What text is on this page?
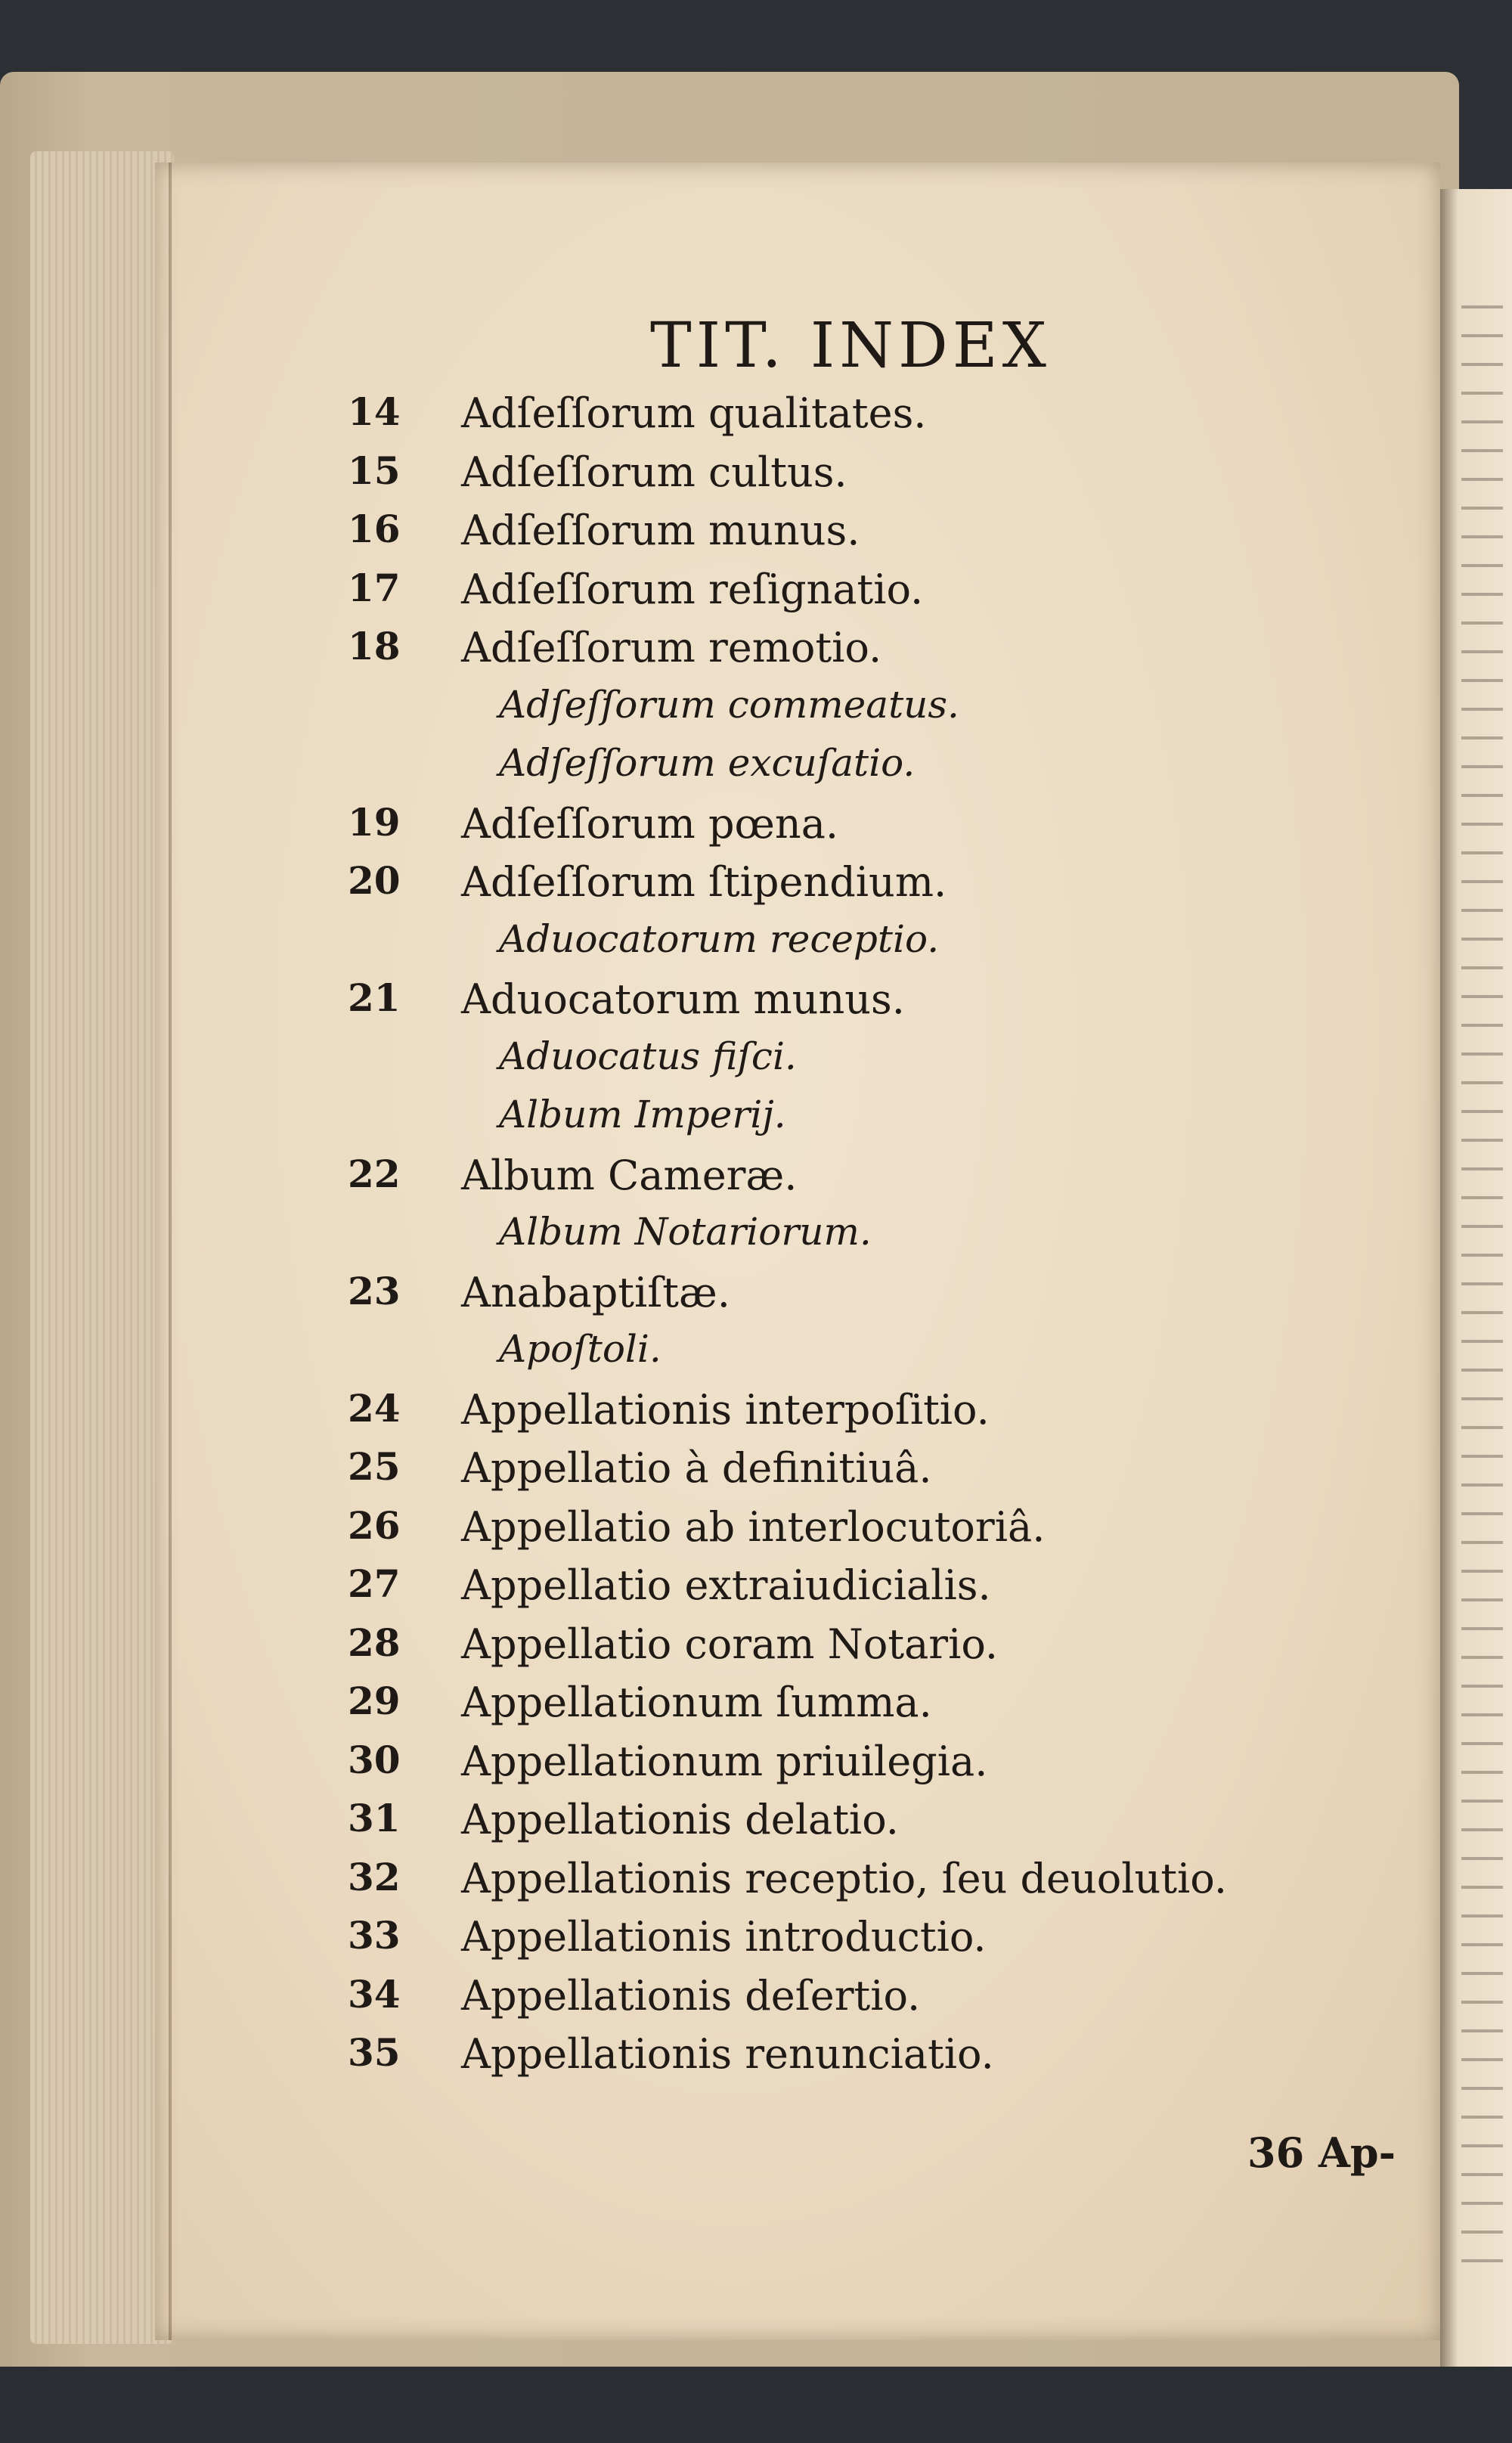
TIT. INDEX
14 Adſeſſorum qualitates.
15 Adſeſſorum cultus.
16 Adſeſſorum munus.
17 Adſeſſorum reſignatio.
18 Adſeſſorum remotio.
Adſeſſorum commeatus.
Adſeſſorum excuſatio.
19 Adſeſſorum pœna.
20 Adſeſſorum ſtipendium.
Aduocatorum receptio.
21 Aduocatorum munus.
Aduocatus fiſci.
Album Imperij.
22 Album Cameræ.
Album Notariorum.
23 Anabaptiſtæ.
Apoſtoli.
24 Appellationis interpoſitio.
25 Appellatio à definitiuâ.
26 Appellatio ab interlocutoriâ.
27 Appellatio extraiudicialis.
28 Appellatio coram Notario.
29 Appellationum ſumma.
30 Appellationum priuilegia.
31 Appellationis delatio.
32 Appellationis receptio, ſeu deuolutio.
33 Appellationis introductio.
34 Appellationis deſertio.
35 Appellationis renunciatio.
36 Ap-
